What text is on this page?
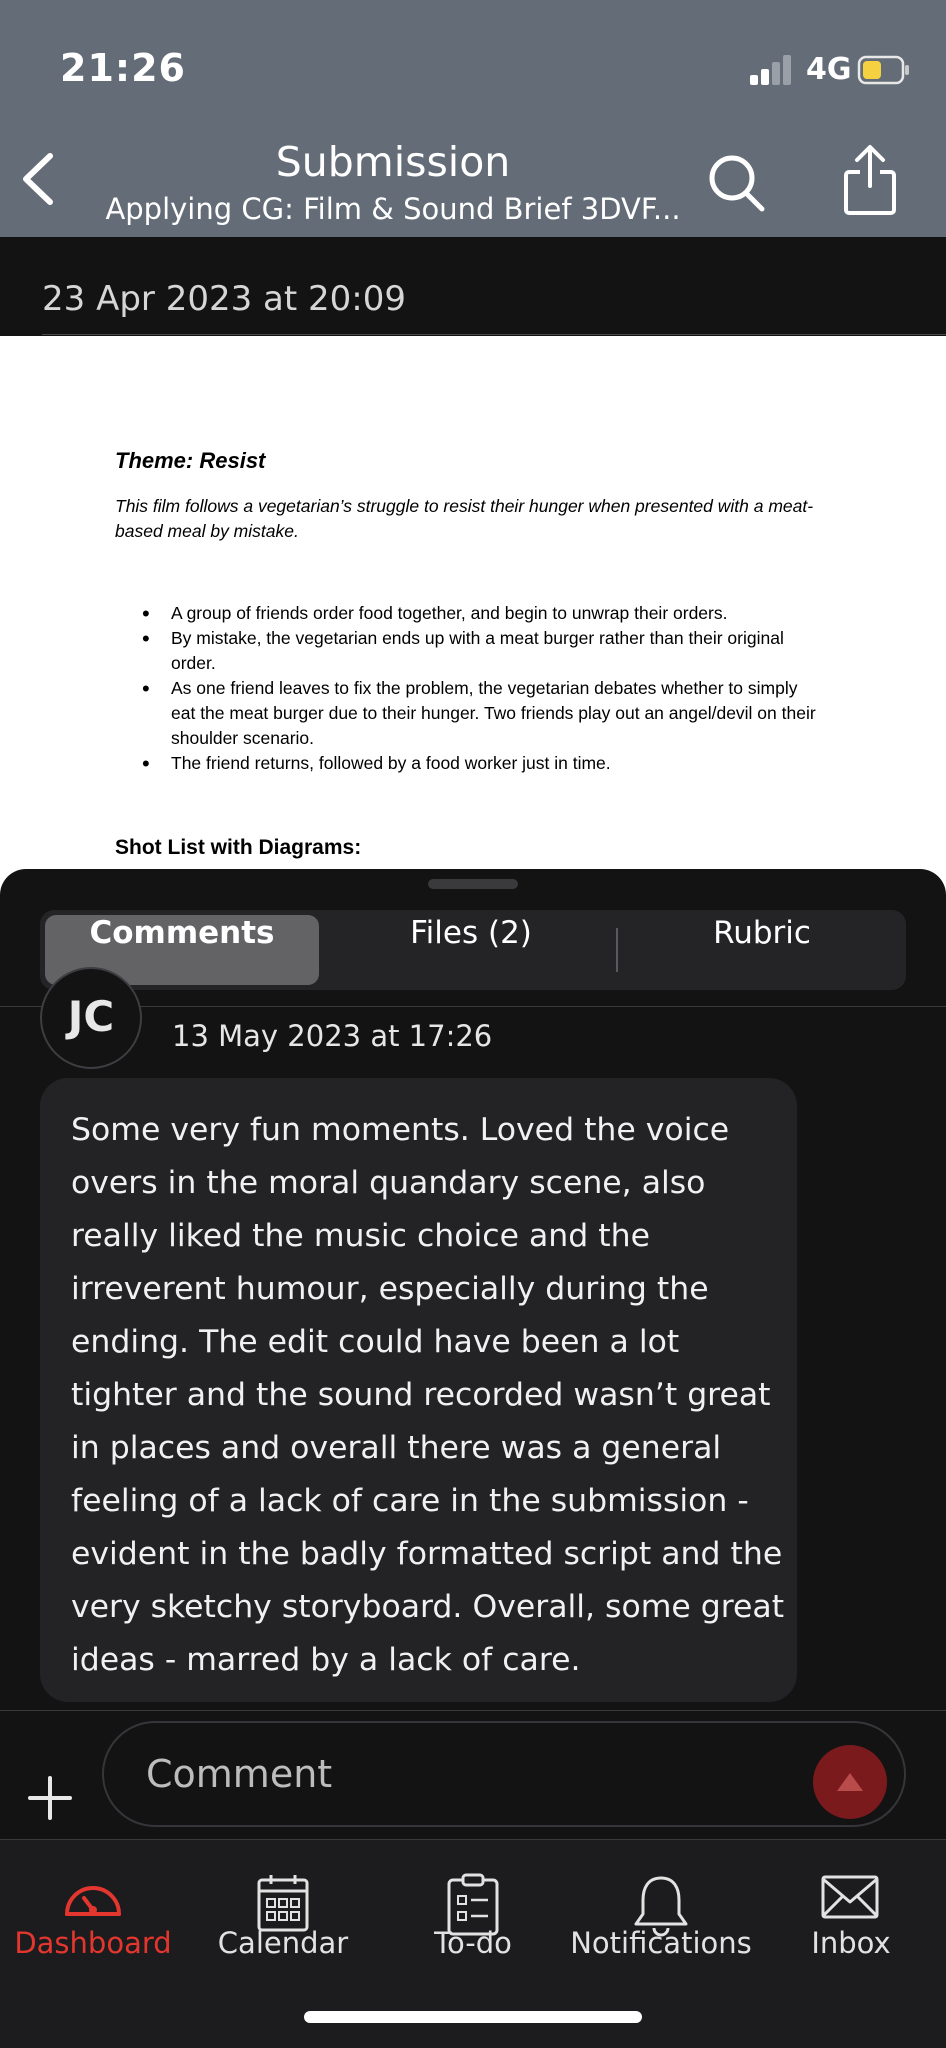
21:26	4G
Submission
Applying CG: Film & Sound Brief 3DVF...
23 Apr 2023 at 20:09
Theme: Resist
This film follows a vegetarian’s struggle to resist their hunger when presented with a meat-based meal by mistake.
• A group of friends order food together, and begin to unwrap their orders.
• By mistake, the vegetarian ends up with a meat burger rather than their original order.
• As one friend leaves to fix the problem, the vegetarian debates whether to simply eat the meat burger due to their hunger. Two friends play out an angel/devil on their shoulder scenario.
• The friend returns, followed by a food worker just in time.
Shot List with Diagrams:
Comments	Files (2)	Rubric
JC	13 May 2023 at 17:26

Some very fun moments. Loved the voice overs in the moral quandary scene, also really liked the music choice and the irreverent humour, especially during the ending. The edit could have been a lot tighter and the sound recorded wasn’t great in places and overall there was a general feeling of a lack of care in the submission - evident in the badly formatted script and the very sketchy storyboard. Overall, some great ideas - marred by a lack of care.

Comment
Dashboard	Calendar	To-do	Notifications	Inbox
